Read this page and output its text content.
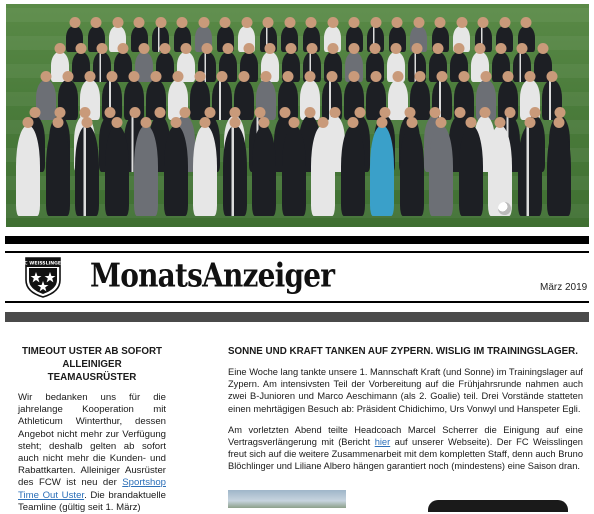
FC WEISSLINGEN MonatsAnzeiger	März 2019
TIMEOUT USTER AB SOFORT ALLEINIGER TEAMAUSRÜSTER

Wir bedanken uns für die jahrelange Kooperation mit Athleticum Winterthur, dessen Angebot nicht mehr zur Verfügung steht; deshalb gelten ab sofort auch nicht mehr die Kunden- und Rabattkarten. Alleiniger Ausrüster des FCW ist neu der Sportshop Time Out Uster. Die brandaktuelle Teamline (gültig seit 1. März)

SONNE UND KRAFT TANKEN AUF ZYPERN. WISLIG IM TRAININGSLAGER.

Eine Woche lang tankte unsere 1. Mannschaft Kraft (und Sonne) im Trainingslager auf Zypern. Am intensivsten Teil der Vorbereitung auf die Frühjahrsrunde nahmen auch zwei B-Junioren und Marco Aeschimann (als 2. Goalie) teil. Drei Vorstände statteten einen mehrtägigen Besuch ab: Präsident Chidichimo, Urs Vonwyl und Hanspeter Egli.

Am vorletzten Abend teilte Headcoach Marcel Scherrer die Einigung auf eine Vertragsverlängerung mit (Bericht hier auf unserer Webseite). Der FC Weisslingen freut sich auf die weitere Zusammenarbeit mit dem kompletten Staff, denn auch Bruno Blöchlinger und Liliane Albero hängen garantiert noch (mindestens) eine Saison dran.
